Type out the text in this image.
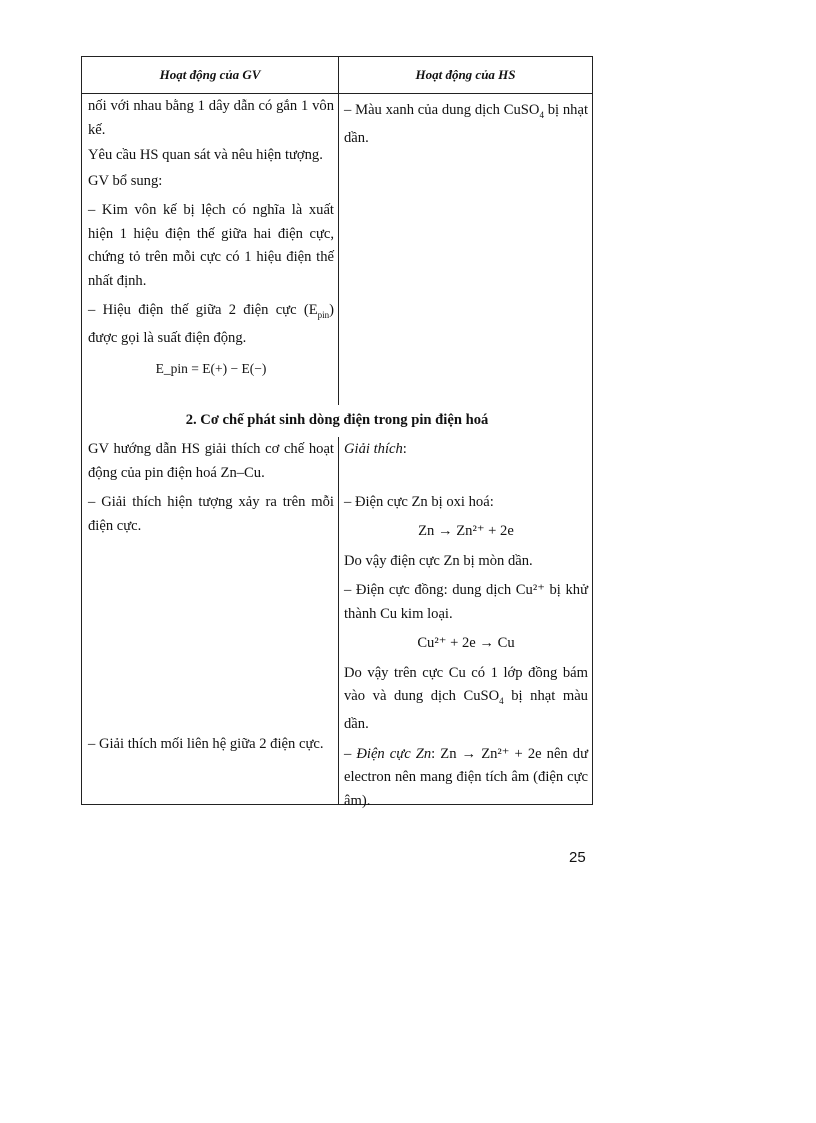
Hoạt động của GV	Hoạt động của HS

nối với nhau bằng 1 dây dẫn có gắn 1 vôn kế.

Yêu cầu HS quan sát và nêu hiện tượng.

GV bổ sung:

– Kim vôn kế bị lệch có nghĩa là xuất hiện 1 hiệu điện thế giữa hai điện cực, chứng tỏ trên mỗi cực có 1 hiệu điện thế nhất định.

– Hiệu điện thế giữa 2 điện cực $(E_{pin})$ được gọi là suất điện động.

E_pin = E(+) − E(−)

– Màu xanh của dung dịch CuSO$_4$ bị nhạt dần.

2. Cơ chế phát sinh dòng điện trong pin điện hoá

GV hướng dẫn HS giải thích cơ chế hoạt động của pin điện hoá Zn–Cu.

– Giải thích hiện tượng xảy ra trên mỗi điện cực.

– Giải thích mối liên hệ giữa 2 điện cực.

Giải thích:

– Điện cực Zn bị oxi hoá:

Zn → Zn²⁺ + 2e

Do vậy điện cực Zn bị mòn dần.

– Điện cực đồng: dung dịch Cu²⁺ bị khử thành Cu kim loại.

Cu²⁺ + 2e → Cu

Do vậy trên cực Cu có 1 lớp đồng bám vào và dung dịch CuSO$_4$ bị nhạt màu dần.

– Điện cực Zn: Zn → Zn²⁺ + 2e nên dư electron nên mang điện tích âm (điện cực âm).

25
